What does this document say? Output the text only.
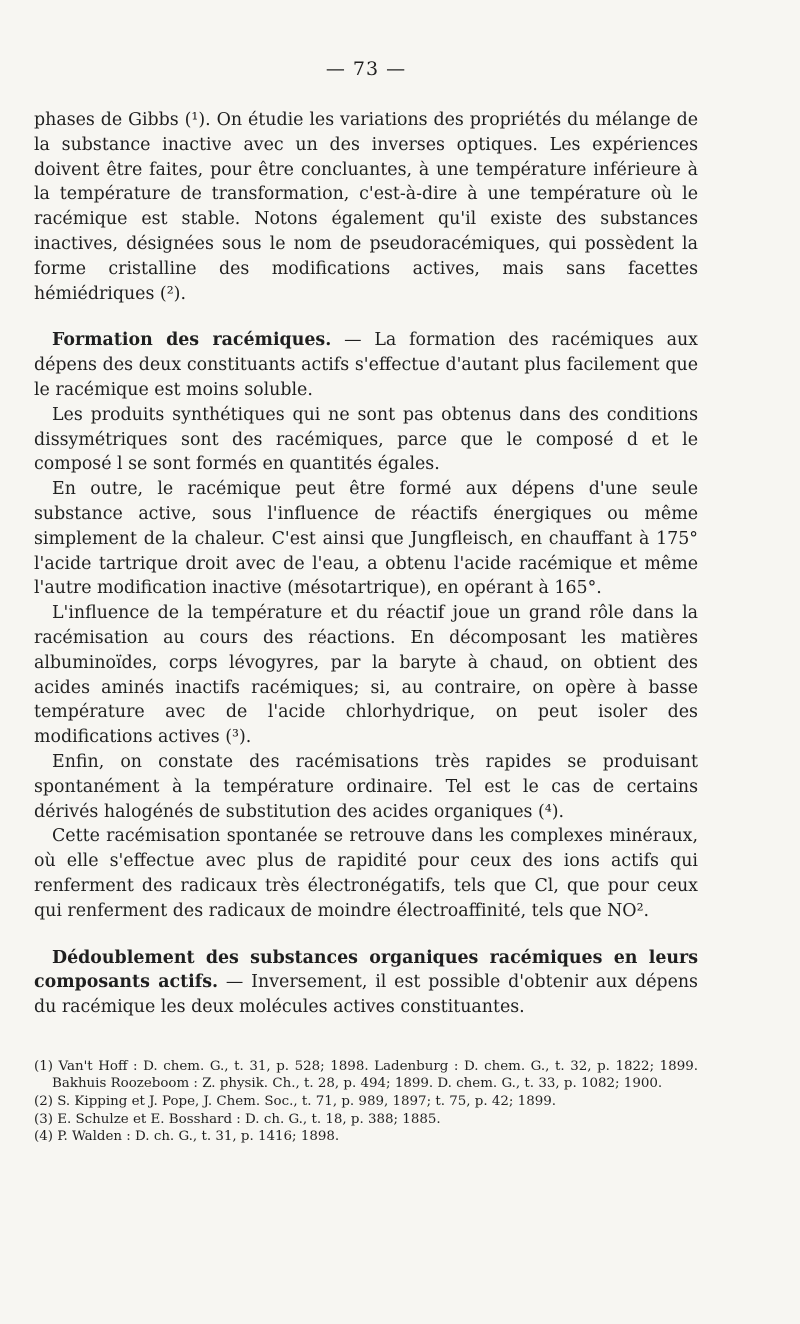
— 73 —

phases de Gibbs (¹). On étudie les variations des propriétés du mélange de la substance inactive avec un des inverses optiques. Les expériences doivent être faites, pour être concluantes, à une température inférieure à la température de transformation, c'est-à-dire à une température où le racémique est stable. Notons également qu'il existe des substances inactives, désignées sous le nom de pseudoracémiques, qui possèdent la forme cristalline des modifications actives, mais sans facettes hémiédriques (²).

Formation des racémiques. — La formation des racémiques aux dépens des deux constituants actifs s'effectue d'autant plus facilement que le racémique est moins soluble.

Les produits synthétiques qui ne sont pas obtenus dans des conditions dissymétriques sont des racémiques, parce que le composé d et le composé l se sont formés en quantités égales.

En outre, le racémique peut être formé aux dépens d'une seule substance active, sous l'influence de réactifs énergiques ou même simplement de la chaleur. C'est ainsi que Jungfleisch, en chauffant à 175° l'acide tartrique droit avec de l'eau, a obtenu l'acide racémique et même l'autre modification inactive (mésotartrique), en opérant à 165°.

L'influence de la température et du réactif joue un grand rôle dans la racémisation au cours des réactions. En décomposant les matières albuminoïdes, corps lévogyres, par la baryte à chaud, on obtient des acides aminés inactifs racémiques; si, au contraire, on opère à basse température avec de l'acide chlorhydrique, on peut isoler des modifications actives (³).

Enfin, on constate des racémisations très rapides se produisant spontanément à la température ordinaire. Tel est le cas de certains dérivés halogénés de substitution des acides organiques (⁴).

Cette racémisation spontanée se retrouve dans les complexes minéraux, où elle s'effectue avec plus de rapidité pour ceux des ions actifs qui renferment des radicaux très électronégatifs, tels que Cl, que pour ceux qui renferment des radicaux de moindre électroaffinité, tels que NO².

Dédoublement des substances organiques racémiques en leurs composants actifs. — Inversement, il est possible d'obtenir aux dépens du racémique les deux molécules actives constituantes.

(1) Van't Hoff : D. chem. G., t. 31, p. 528; 1898. Ladenburg : D. chem. G., t. 32, p. 1822; 1899. Bakhuis Roozeboom : Z. physik. Ch., t. 28, p. 494; 1899. D. chem. G., t. 33, p. 1082; 1900.

(2) S. Kipping et J. Pope, J. Chem. Soc., t. 71, p. 989, 1897; t. 75, p. 42; 1899.

(3) E. Schulze et E. Bosshard : D. ch. G., t. 18, p. 388; 1885.

(4) P. Walden : D. ch. G., t. 31, p. 1416; 1898.
